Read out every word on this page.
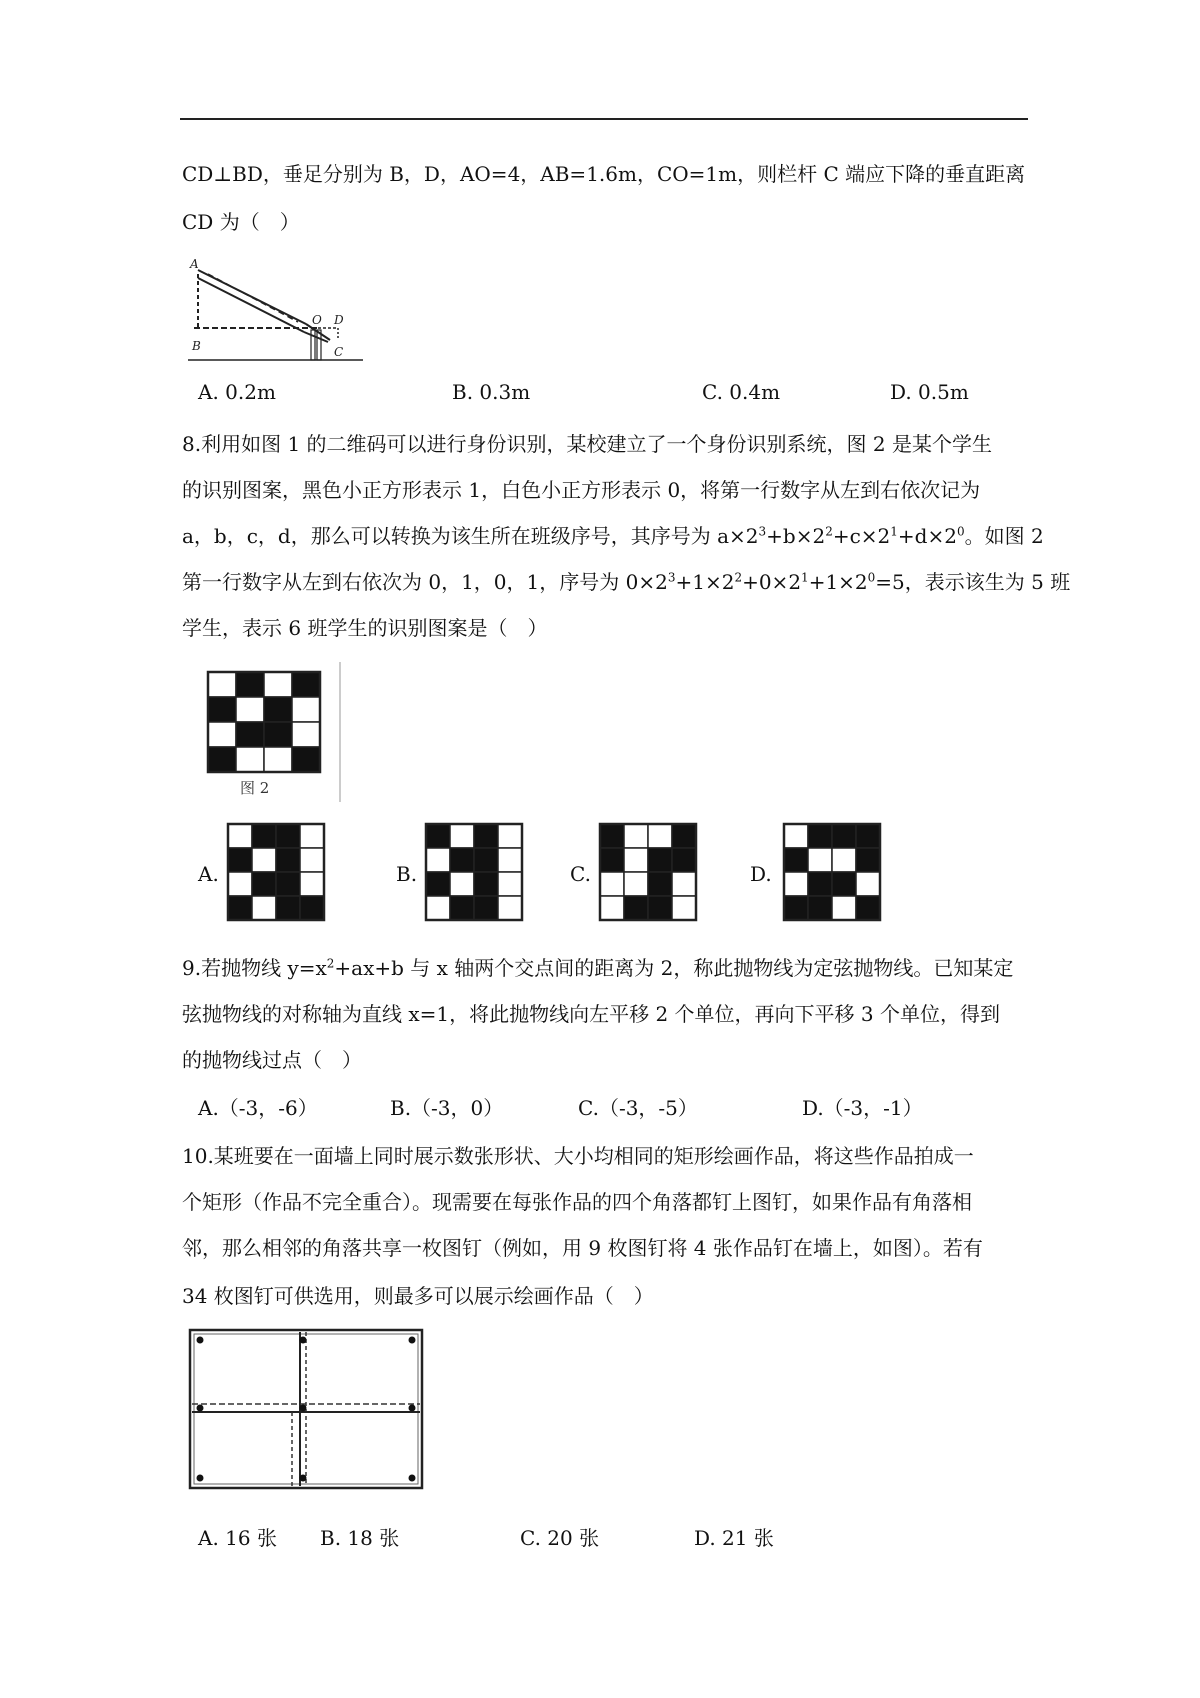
CD⊥BD，垂足分别为 B，D，AO=4，AB=1.6m，CO=1m，则栏杆 C 端应下降的垂直距离
CD 为（　）
A
B
O D
C
A. 0.2m	B. 0.3m	C. 0.4m	D. 0.5m
8.利用如图 1 的二维码可以进行身份识别，某校建立了一个身份识别系统，图 2 是某个学生
的识别图案，黑色小正方形表示 1，白色小正方形表示 0，将第一行数字从左到右依次记为
a，b，c，d，那么可以转换为该生所在班级序号，其序号为 $a\times 2^3+b\times 2^2+c\times 2^1+d\times 2^0$。如图 2
第一行数字从左到右依次为 0，1，0，1，序号为 $0\times 2^3+1\times 2^2+0\times 2^1+1\times 2^0=5$，表示该生为 5 班
学生，表示 6 班学生的识别图案是（　）
图 2
A.	B.	C.	D.
9.若抛物线 $y=x^2+ax+b$ 与 x 轴两个交点间的距离为 2，称此抛物线为定弦抛物线。已知某定
弦抛物线的对称轴为直线 x=1，将此抛物线向左平移 2 个单位，再向下平移 3 个单位，得到
的抛物线过点（　）
A.（-3，-6）	B.（-3，0）	C.（-3，-5）	D.（-3，-1）
10.某班要在一面墙上同时展示数张形状、大小均相同的矩形绘画作品，将这些作品拍成一
个矩形（作品不完全重合）。现需要在每张作品的四个角落都钉上图钉，如果作品有角落相
邻，那么相邻的角落共享一枚图钉（例如，用 9 枚图钉将 4 张作品钉在墙上，如图）。若有
34 枚图钉可供选用，则最多可以展示绘画作品（　）
A. 16 张 B. 18 张	C. 20 张	D. 21 张
